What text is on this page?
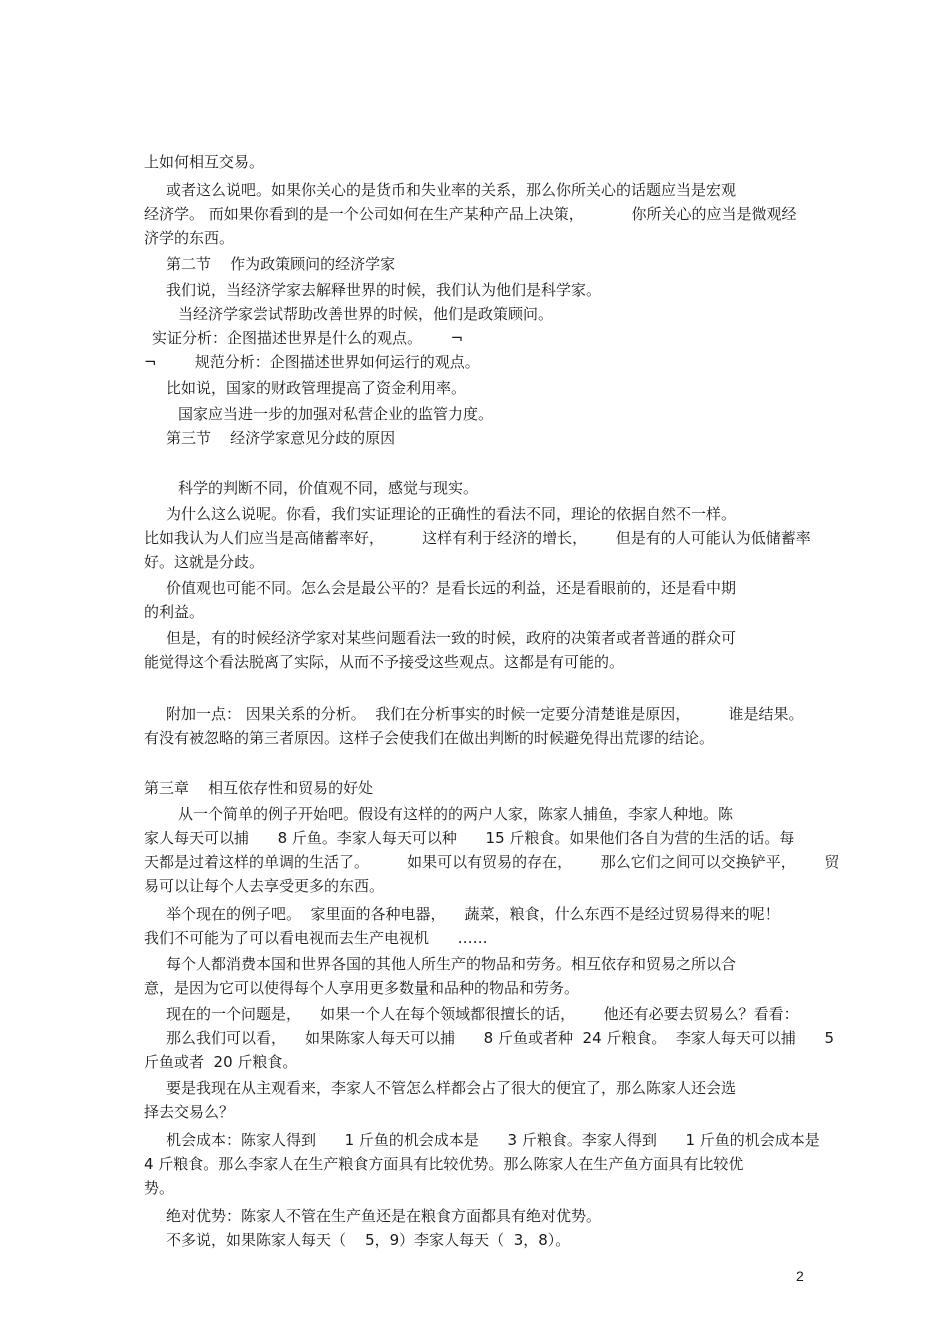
上如何相互交易。
或者这么说吧。如果你关心的是货币和失业率的关系，那么你所关心的话题应当是宏观
经济学。 而如果你看到的是一个公司如何在生产某种产品上决策，          你所关心的应当是微观经
济学的东西。
第二节    作为政策顾问的经济学家
我们说，当经济学家去解释世界的时候，我们认为他们是科学家。
当经济学家尝试帮助改善世界的时候，他们是政策顾问。
实证分析：企图描述世界是什么的观点。      ¬
¬        规范分析：企图描述世界如何运行的观点。
比如说，国家的财政管理提高了资金利用率。
国家应当进一步的加强对私营企业的监管力度。
第三节    经济学家意见分歧的原因
科学的判断不同，价值观不同，感觉与现实。
为什么这么说呢。你看，我们实证理论的正确性的看法不同，理论的依据自然不一样。
比如我认为人们应当是高储蓄率好，        这样有利于经济的增长，      但是有的人可能认为低储蓄率
好。这就是分歧。
价值观也可能不同。怎么会是最公平的？是看长远的利益，还是看眼前的，还是看中期
的利益。
但是，有的时候经济学家对某些问题看法一致的时候，政府的决策者或者普通的群众可
能觉得这个看法脱离了实际，从而不予接受这些观点。这都是有可能的。
附加一点： 因果关系的分析。  我们在分析事实的时候一定要分清楚谁是原因，        谁是结果。
有没有被忽略的第三者原因。这样子会使我们在做出判断的时候避免得出荒谬的结论。
第三章    相互依存性和贸易的好处
从一个简单的例子开始吧。假设有这样的的两户人家，陈家人捕鱼，李家人种地。陈
家人每天可以捕      8 斤鱼。李家人每天可以种      15 斤粮食。如果他们各自为营的生活的话。每
天都是过着这样的单调的生活了。        如果可以有贸易的存在，      那么它们之间可以交换铲平，      贸
易可以让每个人去享受更多的东西。
举个现在的例子吧。  家里面的各种电器，    蔬菜，粮食，什么东西不是经过贸易得来的呢！
我们不可能为了可以看电视而去生产电视机      ……
每个人都消费本国和世界各国的其他人所生产的物品和劳务。相互依存和贸易之所以合
意，是因为它可以使得每个人享用更多数量和品种的物品和劳务。
现在的一个问题是，    如果一个人在每个领域都很擅长的话，      他还有必要去贸易么？看看：
那么我们可以看，    如果陈家人每天可以捕      8 斤鱼或者种  24 斤粮食。  李家人每天可以捕      5
斤鱼或者  20 斤粮食。
要是我现在从主观看来，李家人不管怎么样都会占了很大的便宜了，那么陈家人还会选
择去交易么？
机会成本：陈家人得到      1 斤鱼的机会成本是      3 斤粮食。李家人得到      1 斤鱼的机会成本是
4 斤粮食。那么李家人在生产粮食方面具有比较优势。那么陈家人在生产鱼方面具有比较优
势。
绝对优势：陈家人不管在生产鱼还是在粮食方面都具有绝对优势。
不多说，如果陈家人每天（    5，9）李家人每天（  3，8）。
2
